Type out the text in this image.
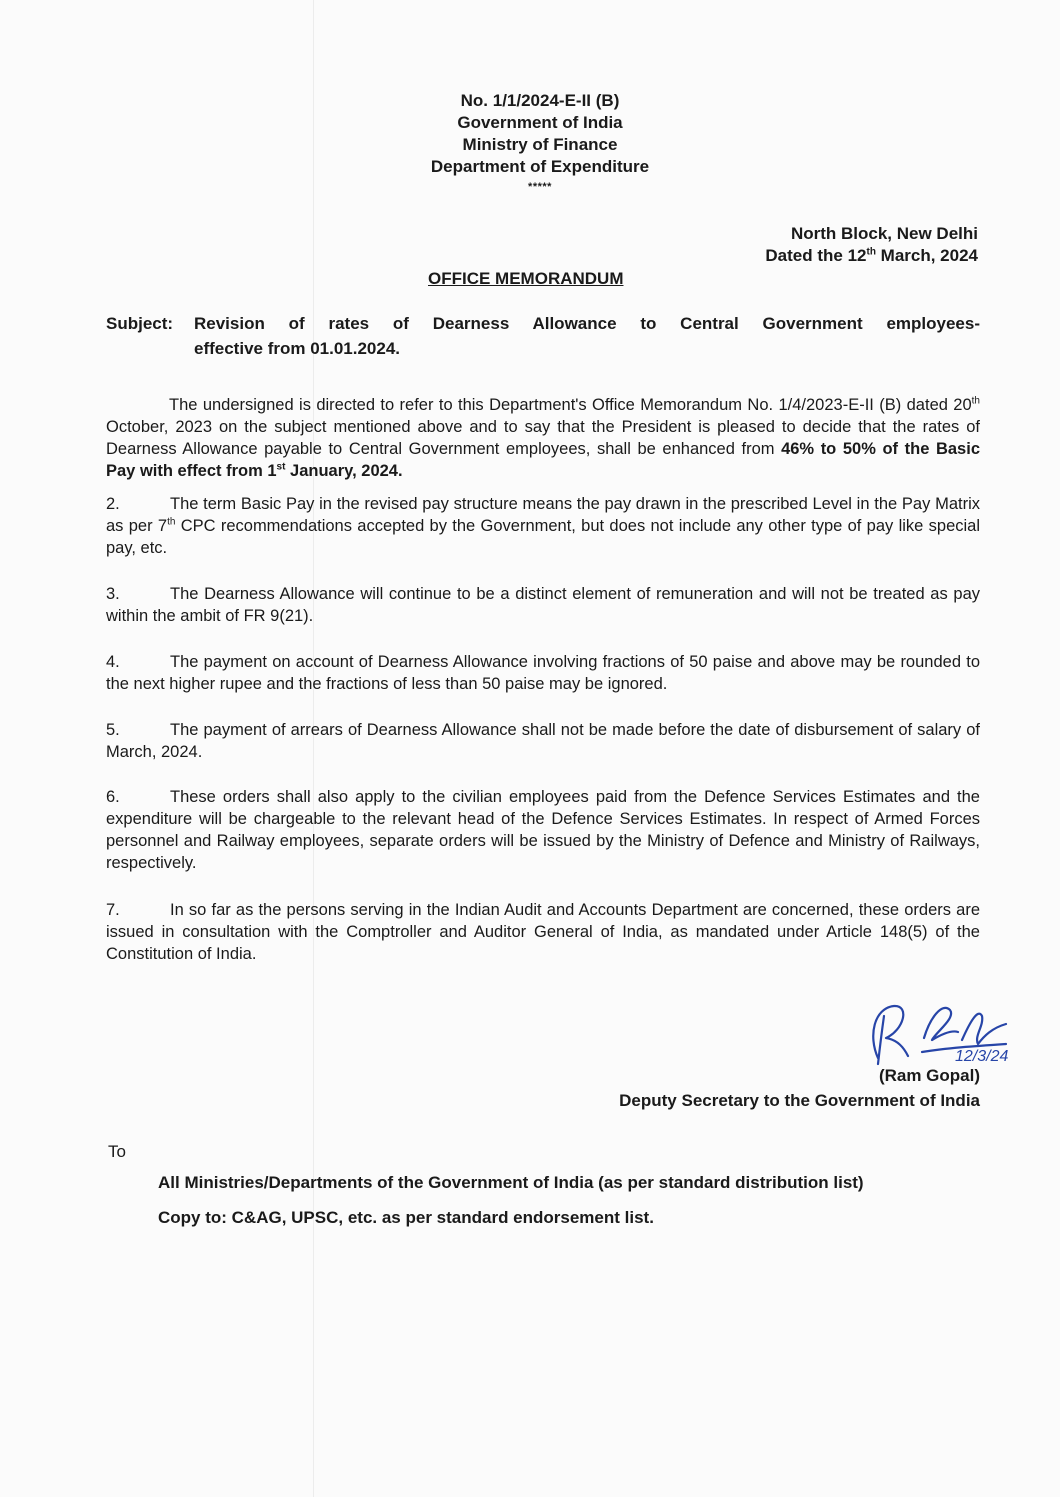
No. 1/1/2024-E-II (B)
Government of India
Ministry of Finance
Department of Expenditure
*****
North Block, New Delhi
Dated the 12th March, 2024
OFFICE MEMORANDUM
Subject: Revision of rates of Dearness Allowance to Central Government employees-
effective from 01.01.2024.
The undersigned is directed to refer to this Department's Office Memorandum No. 1/4/2023-E-II (B) dated 20th October, 2023 on the subject mentioned above and to say that the President is pleased to decide that the rates of Dearness Allowance payable to Central Government employees, shall be enhanced from 46% to 50% of the Basic Pay with effect from 1st January, 2024.
2.	The term Basic Pay in the revised pay structure means the pay drawn in the prescribed Level in the Pay Matrix as per 7th CPC recommendations accepted by the Government, but does not include any other type of pay like special pay, etc.
3.	The Dearness Allowance will continue to be a distinct element of remuneration and will not be treated as pay within the ambit of FR 9(21).
4.	The payment on account of Dearness Allowance involving fractions of 50 paise and above may be rounded to the next higher rupee and the fractions of less than 50 paise may be ignored.
5.	The payment of arrears of Dearness Allowance shall not be made before the date of disbursement of salary of March, 2024.
6.	These orders shall also apply to the civilian employees paid from the Defence Services Estimates and the expenditure will be chargeable to the relevant head of the Defence Services Estimates. In respect of Armed Forces personnel and Railway employees, separate orders will be issued by the Ministry of Defence and Ministry of Railways, respectively.
7.	In so far as the persons serving in the Indian Audit and Accounts Department are concerned, these orders are issued in consultation with the Comptroller and Auditor General of India, as mandated under Article 148(5) of the Constitution of India.
12/3/24
(Ram Gopal)
Deputy Secretary to the Government of India
To
All Ministries/Departments of the Government of India (as per standard distribution list)
Copy to: C&AG, UPSC, etc. as per standard endorsement list.
